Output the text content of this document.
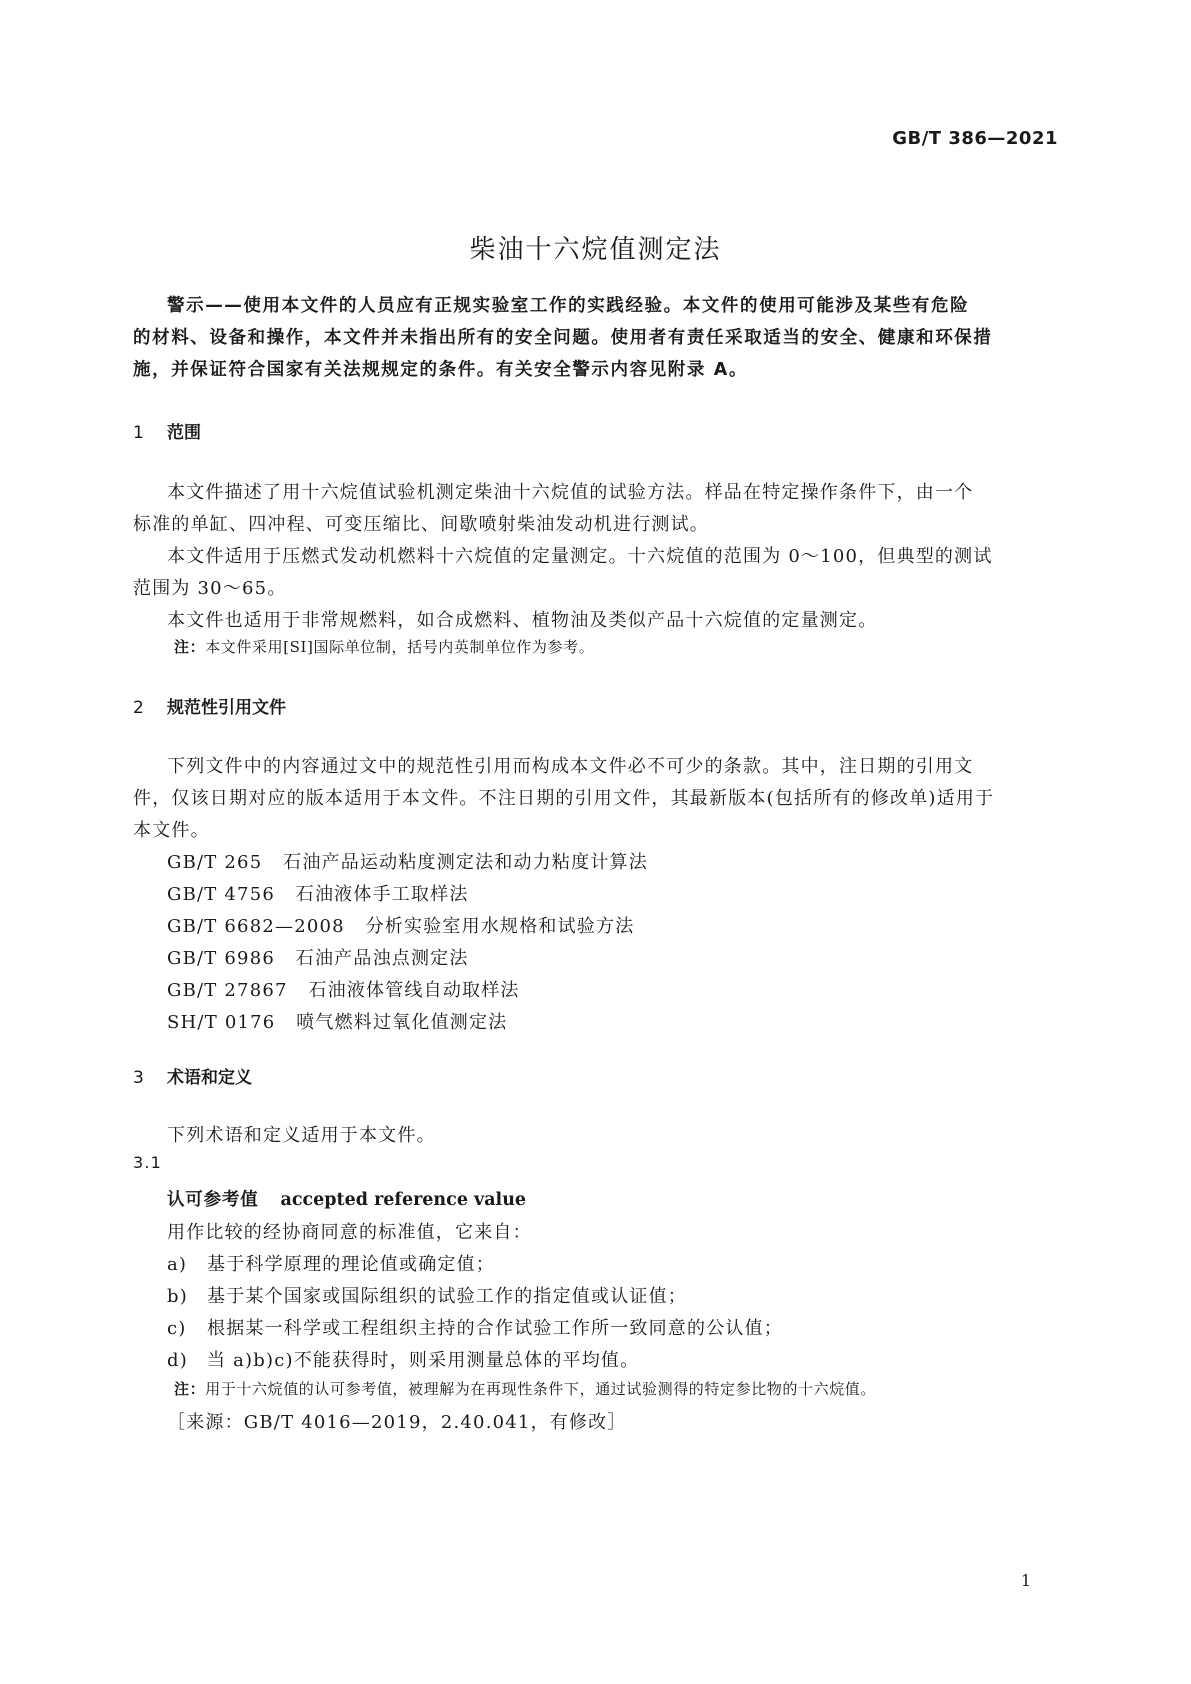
GB/T 386—2021
柴油十六烷值测定法
警示——使用本文件的人员应有正规实验室工作的实践经验。本文件的使用可能涉及某些有危险
的材料、设备和操作，本文件并未指出所有的安全问题。使用者有责任采取适当的安全、健康和环保措
施，并保证符合国家有关法规规定的条件。有关安全警示内容见附录 A。
1 范围
本文件描述了用十六烷值试验机测定柴油十六烷值的试验方法。样品在特定操作条件下，由一个
标准的单缸、四冲程、可变压缩比、间歇喷射柴油发动机进行测试。
本文件适用于压燃式发动机燃料十六烷值的定量测定。十六烷值的范围为 0～100，但典型的测试
范围为 30～65。
本文件也适用于非常规燃料，如合成燃料、植物油及类似产品十六烷值的定量测定。
注：本文件采用[SI]国际单位制，括号内英制单位作为参考。
2 规范性引用文件
下列文件中的内容通过文中的规范性引用而构成本文件必不可少的条款。其中，注日期的引用文
件，仅该日期对应的版本适用于本文件。不注日期的引用文件，其最新版本(包括所有的修改单)适用于
本文件。
GB/T 265 石油产品运动粘度测定法和动力粘度计算法
GB/T 4756 石油液体手工取样法
GB/T 6682—2008 分析实验室用水规格和试验方法
GB/T 6986 石油产品浊点测定法
GB/T 27867 石油液体管线自动取样法
SH/T 0176 喷气燃料过氧化值测定法
3 术语和定义
下列术语和定义适用于本文件。
3.1
认可参考值 accepted reference value
用作比较的经协商同意的标准值，它来自：
a) 基于科学原理的理论值或确定值；
b) 基于某个国家或国际组织的试验工作的指定值或认证值；
c) 根据某一科学或工程组织主持的合作试验工作所一致同意的公认值；
d) 当 a)b)c)不能获得时，则采用测量总体的平均值。
注：用于十六烷值的认可参考值，被理解为在再现性条件下，通过试验测得的特定参比物的十六烷值。
［来源：GB/T 4016—2019，2.40.041，有修改］
1
